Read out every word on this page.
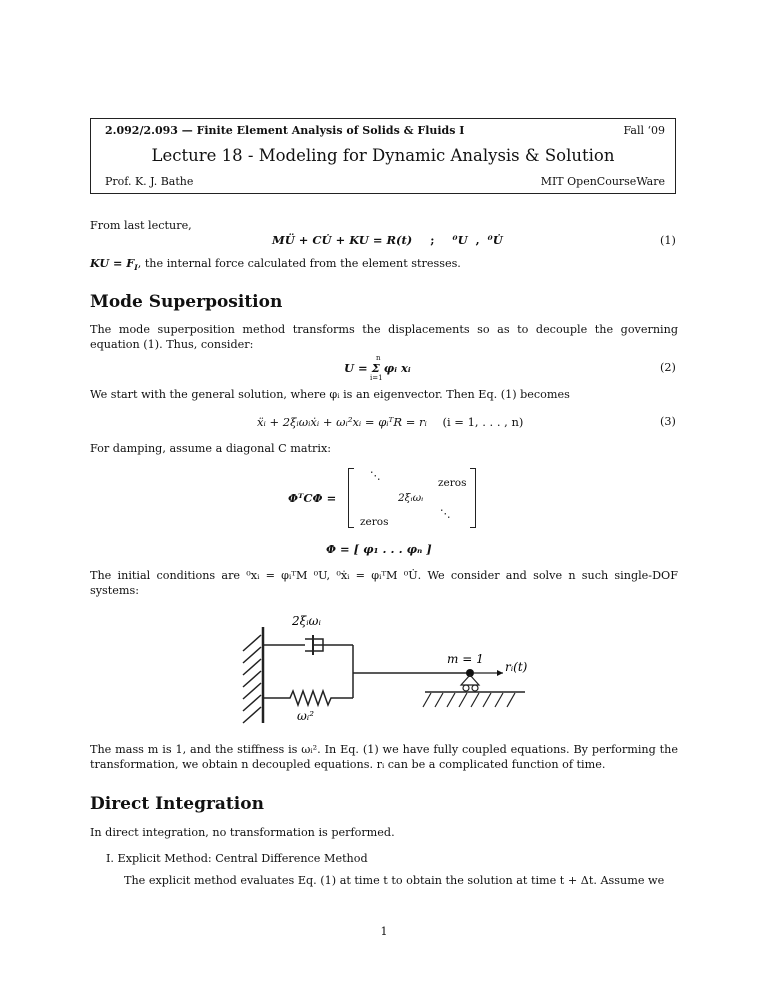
2.092/2.093 — Finite Element Analysis of Solids & Fluids I	Fall ‘09
Lecture 18 - Modeling for Dynamic Analysis & Solution
Prof. K. J. Bathe	MIT OpenCourseWare
From last lecture,
MÜ + CU̇ + KU = R(t) ; ⁰U , ⁰U̇	(1)
KU = $F_I$, the internal force calculated from the element stresses.
Mode Superposition
The mode superposition method transforms the displacements so as to decouple the governing equation (1). Thus, consider:
n
U = Σ φᵢ xᵢ
i=1
(2)
We start with the general solution, where φᵢ is an eigenvector. Then Eq. (1) becomes
ẍᵢ + 2ξᵢωᵢẋᵢ + ωᵢ²xᵢ = φᵢᵀR = rᵢ (i = 1, . . . , n)	(3)
For damping, assume a diagonal C matrix:
ΦᵀCΦ =
⋱
zeros
2ξᵢωᵢ
⋱
zeros
Φ = [ φ₁ . . . φₙ ]
The initial conditions are ⁰xᵢ = φᵢᵀM ⁰U, ⁰ẋᵢ = φᵢᵀM ⁰U̇. We consider and solve n such single-DOF systems:
2ξᵢωᵢ
ωᵢ²
m = 1
rᵢ(t)
The mass m is 1, and the stiffness is ωᵢ². In Eq. (1) we have fully coupled equations. By performing the transformation, we obtain n decoupled equations. rᵢ can be a complicated function of time.
Direct Integration
In direct integration, no transformation is performed.
I. Explicit Method: Central Difference Method
The explicit method evaluates Eq. (1) at time t to obtain the solution at time t + Δt. Assume we
1
